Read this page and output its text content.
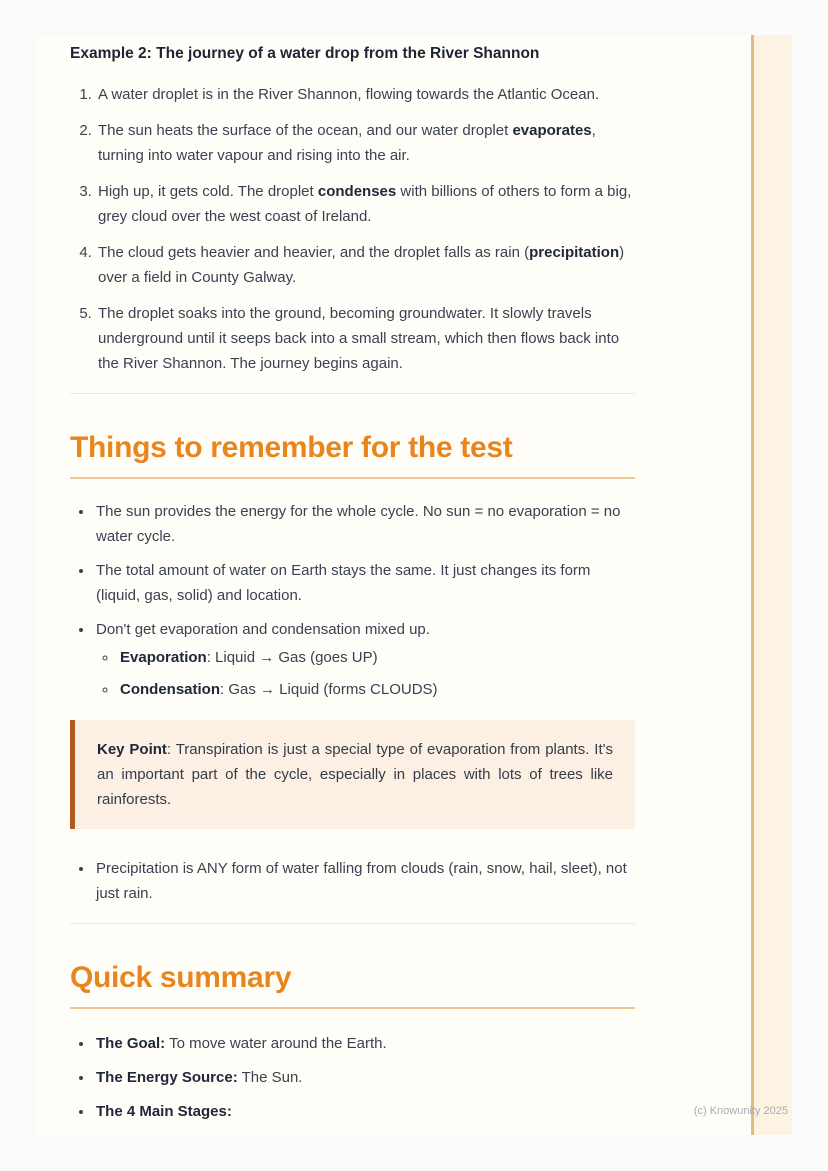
Example 2: The journey of a water drop from the River Shannon
1. A water droplet is in the River Shannon, flowing towards the Atlantic Ocean.
2. The sun heats the surface of the ocean, and our water droplet evaporates, turning into water vapour and rising into the air.
3. High up, it gets cold. The droplet condenses with billions of others to form a big, grey cloud over the west coast of Ireland.
4. The cloud gets heavier and heavier, and the droplet falls as rain (precipitation) over a field in County Galway.
5. The droplet soaks into the ground, becoming groundwater. It slowly travels underground until it seeps back into a small stream, which then flows back into the River Shannon. The journey begins again.
Things to remember for the test
• The sun provides the energy for the whole cycle. No sun = no evaporation = no water cycle.
• The total amount of water on Earth stays the same. It just changes its form (liquid, gas, solid) and location.
• Don't get evaporation and condensation mixed up.
◦ Evaporation: Liquid → Gas (goes UP)
◦ Condensation: Gas → Liquid (forms CLOUDS)
Key Point: Transpiration is just a special type of evaporation from plants. It's an important part of the cycle, especially in places with lots of trees like rainforests.
• Precipitation is ANY form of water falling from clouds (rain, snow, hail, sleet), not just rain.
Quick summary
• The Goal: To move water around the Earth.
• The Energy Source: The Sun.
• The 4 Main Stages:	(c) Knowunity 2025
